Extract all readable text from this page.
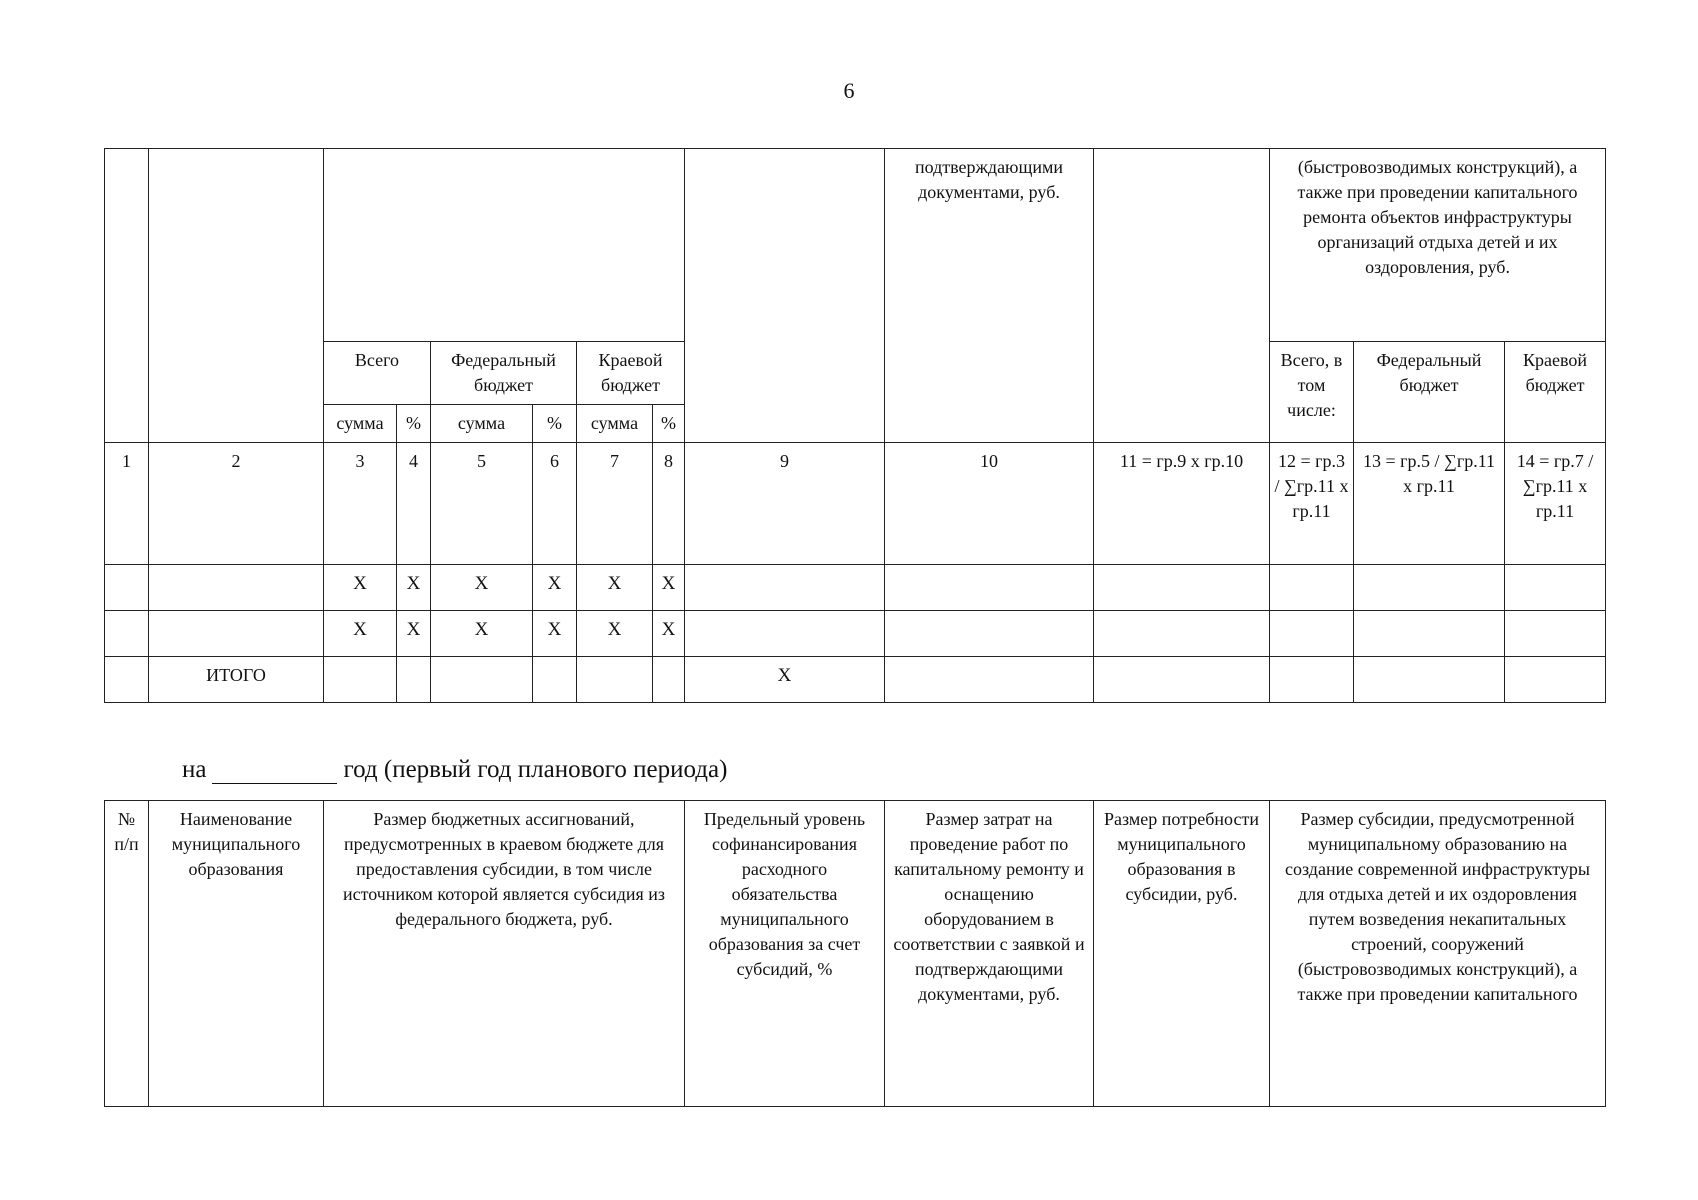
6
									подтверждающими документами, руб.		(быстровозводимых конструкций), а также при проведении капитального ремонта объектов инфраструктуры организаций отдыха детей и их оздоровления, руб.		
		Всего		Федеральный бюджет		Краевой бюджет					Всего, в том числе:	Федеральный бюджет	Краевой бюджет
		сумма	%	сумма	%	сумма	%						
1	2	3	4	5	6	7	8	9	10	11 = гр.9 х гр.10	12 = гр.3 / ∑гр.11 х гр.11	13 = гр.5 / ∑гр.11 х гр.11	14 = гр.7 / ∑гр.11 х гр.11
		Х	Х	Х	Х	Х	Х						
		Х	Х	Х	Х	Х	Х						
	ИТОГО							Х					
на	год (первый год планового периода)
№ п/п	Наименование муниципального образования	Размер бюджетных ассигнований, предусмотренных в краевом бюджете для предоставления субсидии, в том числе источником которой является субсидия из федерального бюджета, руб.	Предельный уровень софинансирования расходного обязательства муниципального образования за счет субсидий, %	Размер затрат на проведение работ по капитальному ремонту и оснащению оборудованием в соответствии с заявкой и подтверждающими документами, руб.	Размер потребности муниципального образования в субсидии, руб.	Размер субсидии, предусмотренной муниципальному образованию на создание современной инфраструктуры для отдыха детей и их оздоровления путем возведения некапитальных строений, сооружений (быстровозводимых конструкций), а также при проведении капитального
